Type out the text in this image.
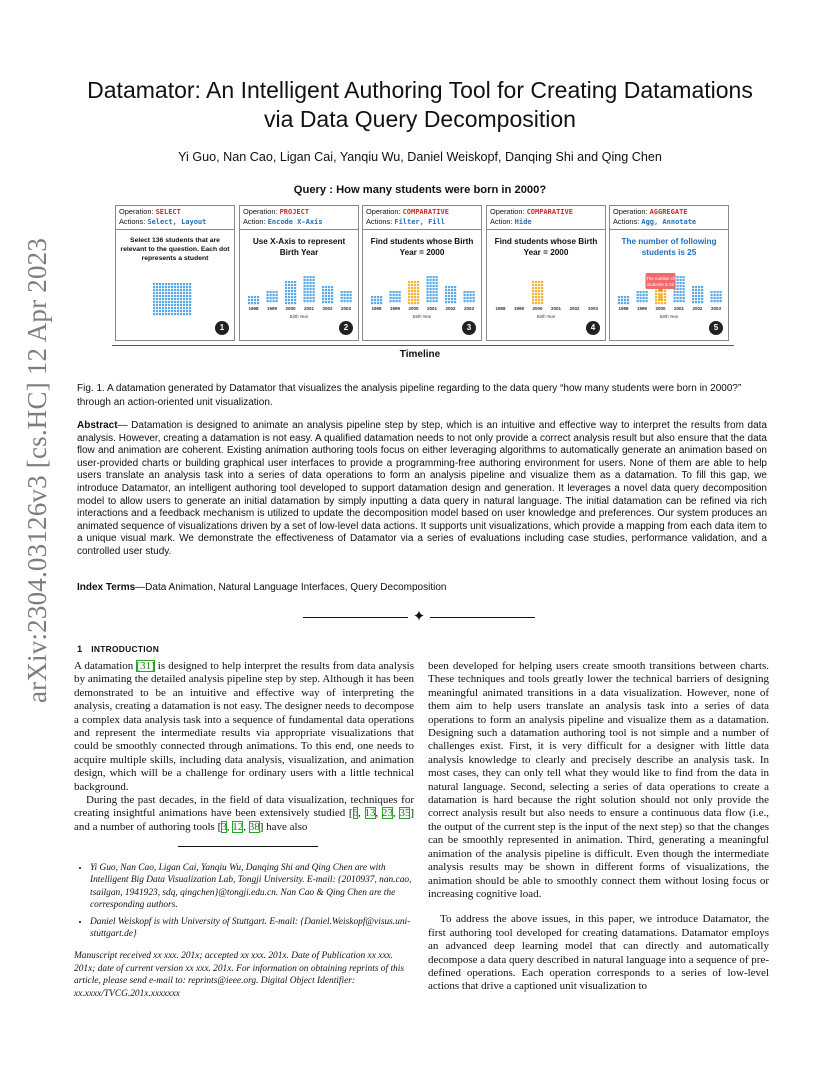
arXiv:2304.03126v3 [cs.HC] 12 Apr 2023
Datamator: An Intelligent Authoring Tool for Creating Datamations via Data Query Decomposition
Yi Guo, Nan Cao, Ligan Cai, Yanqiu Wu, Daniel Weiskopf, Danqing Shi and Qing Chen
Query : How many students were born in 2000?
Operation: SELECT
Actions: Select, Layout
Select 136 students that are relevant to the question. Each dot represents a student
1
Operation: PROJECT
Action: Encode X-Axis
Use X-Axis to represent Birth Year
1998 1999 2000 2001 2002 2003
Birth Year
2
Operation: COMPARATIVE
Actions: Filter, Fill
Find students whose Birth Year = 2000
1998 1999 2000 2001 2002 2003
Birth Year
3
Operation: COMPARATIVE
Action: Hide
Find students whose Birth Year = 2000
1998 1999 2000 2001 2002 2003
Birth Year
4
Operation: AGGREGATE
Actions: Agg, Annotate
The number of following students is 25
1998 1999 2000 2001 2002 2003
Birth Year
The number of
students is 25
5
Timeline
Fig. 1. A datamation generated by Datamator that visualizes the analysis pipeline regarding to the data query “how many students were born in 2000?” through an action-oriented unit visualization.
Abstract— Datamation is designed to animate an analysis pipeline step by step, which is an intuitive and effective way to interpret the results from data analysis. However, creating a datamation is not easy. A qualified datamation needs to not only provide a correct analysis result but also ensure that the data flow and animation are coherent. Existing animation authoring tools focus on either leveraging algorithms to automatically generate an animation based on user-provided charts or building graphical user interfaces to provide a programming-free authoring environment for users. None of them are able to help users translate an analysis task into a series of data operations to form an analysis pipeline and visualize them as a datamation. To fill this gap, we introduce Datamator, an intelligent authoring tool developed to support datamation design and generation. It leverages a novel data query decomposition model to allow users to generate an initial datamation by simply inputting a data query in natural language. The initial datamation can be refined via rich interactions and a feedback mechanism is utilized to update the decomposition model based on user knowledge and preferences. Our system produces an animated sequence of visualizations driven by a set of low-level data actions. It supports unit visualizations, which provide a mapping from each data item to a unique visual mark. We demonstrate the effectiveness of Datamator via a series of evaluations including case studies, performance validation, and a controlled user study.
Index Terms—Data Animation, Natural Language Interfaces, Query Decomposition
✦
1 INTRODUCTION

A datamation [31] is designed to help interpret the results from data analysis by animating the detailed analysis pipeline step by step. Although it has been demonstrated to be an intuitive and effective way of interpreting the analysis, creating a datamation is not easy. The designer needs to decompose a complex data analysis task into a sequence of fundamental data operations and represent the intermediate results via appropriate visualizations that could be smoothly connected through animations. To this end, one needs to acquire multiple skills, including data analysis, visualization, and animation design, which will be a challenge for ordinary users with a little technical background.

During the past decades, in the field of data visualization, techniques for creating insightful animations have been extensively studied [6, 13, 23, 35] and a number of authoring tools [3, 12, 38] have also

• Yi Guo, Nan Cao, Ligan Cai, Yanqiu Wu, Danqing Shi and Qing Chen are with Intelligent Big Data Visualization Lab, Tongji University. E-mail: {2010937, nan.cao, tsailgan, 1941923, sdq, qingchen}@tongji.edu.cn. Nan Cao & Qing Chen are the corresponding authors.
• Daniel Weiskopf is with University of Stuttgart. E-mail: {Daniel.Weiskopf@visus.uni-stuttgart.de}
Manuscript received xx xxx. 201x; accepted xx xxx. 201x. Date of Publication xx xxx. 201x; date of current version xx xxx. 201x. For information on obtaining reprints of this article, please send e-mail to: reprints@ieee.org. Digital Object Identifier: xx.xxxx/TVCG.201x.xxxxxxx

been developed for helping users create smooth transitions between charts. These techniques and tools greatly lower the technical barriers of designing meaningful animated transitions in a data visualization. However, none of them aim to help users translate an analysis task into a series of data operations to form an analysis pipeline and visualize them as a datamation. Designing such a datamation authoring tool is not simple and a number of challenges exist. First, it is very difficult for a designer with little data analysis knowledge to clearly and precisely describe an analysis task. In most cases, they can only tell what they would like to find from the data in natural language. Second, selecting a series of data operations to create a datamation is hard because the right solution should not only provide the correct analysis result but also needs to ensure a continuous data flow (i.e., the output of the current step is the input of the next step) so that the changes can be smoothly represented in animation. Third, generating a meaningful animation of the analysis pipeline is difficult. Even though the intermediate analysis results may be shown in different forms of visualizations, the animation should be able to smoothly connect them without losing focus or increasing cognitive load.

To address the above issues, in this paper, we introduce Datamator, the first authoring tool developed for creating datamations. Datamator employs an advanced deep learning model that can directly and automatically decompose a data query described in natural language into a sequence of pre-defined operations. Each operation corresponds to a series of low-level actions that drive a captioned unit visualization to
